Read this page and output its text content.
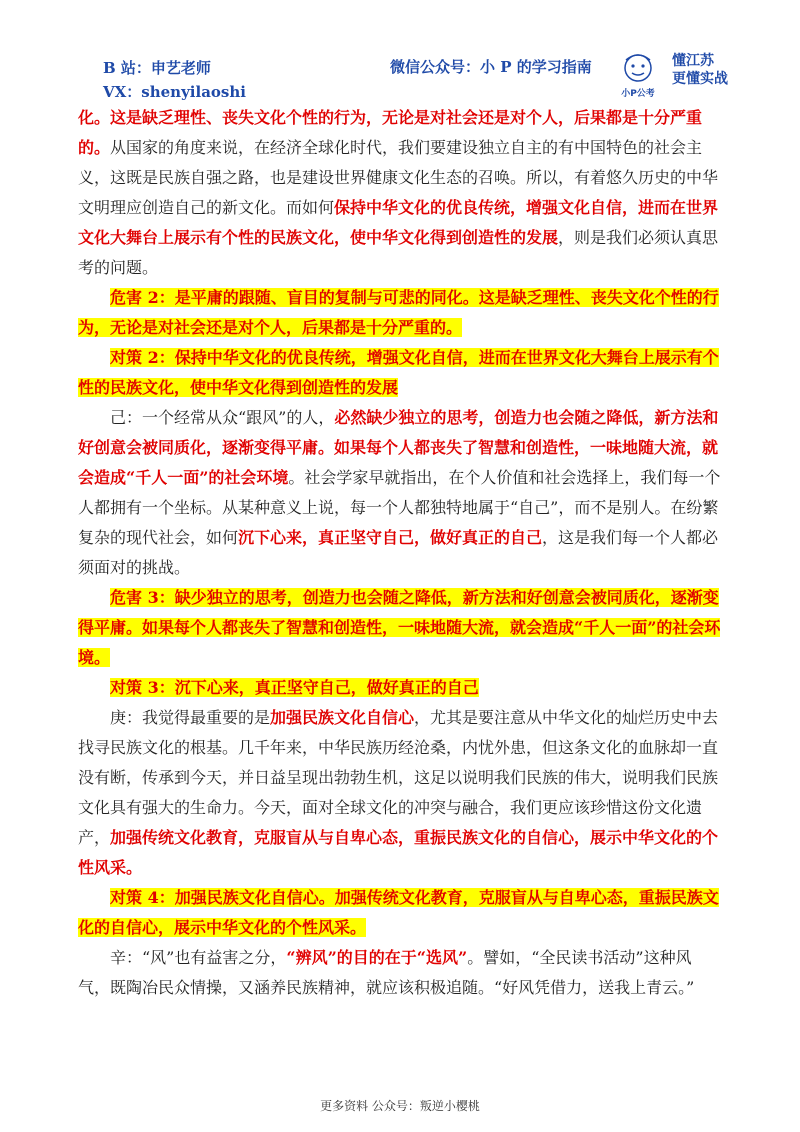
B 站：申艺老师
VX：shenyilaoshi
微信公众号：小 P 的学习指南
小P公考
懂江苏
更懂实战

化。这是缺乏理性、丧失文化个性的行为，无论是对社会还是对个人，后果都是十分严重的。从国家的角度来说，在经济全球化时代，我们要建设独立自主的有中国特色的社会主义，这既是民族自强之路，也是建设世界健康文化生态的召唤。所以，有着悠久历史的中华文明理应创造自己的新文化。而如何保持中华文化的优良传统，增强文化自信，进而在世界文化大舞台上展示有个性的民族文化，使中华文化得到创造性的发展，则是我们必须认真思考的问题。

危害 2：是平庸的跟随、盲目的复制与可悲的同化。这是缺乏理性、丧失文化个性的行为，无论是对社会还是对个人，后果都是十分严重的。

对策 2：保持中华文化的优良传统，增强文化自信，进而在世界文化大舞台上展示有个性的民族文化，使中华文化得到创造性的发展

己：一个经常从众“跟风”的人，必然缺少独立的思考，创造力也会随之降低，新方法和好创意会被同质化，逐渐变得平庸。如果每个人都丧失了智慧和创造性，一味地随大流，就会造成“千人一面”的社会环境。社会学家早就指出，在个人价值和社会选择上，我们每一个人都拥有一个坐标。从某种意义上说，每一个人都独特地属于“自己”，而不是别人。在纷繁复杂的现代社会，如何沉下心来，真正坚守自己，做好真正的自己，这是我们每一个人都必须面对的挑战。

危害 3：缺少独立的思考，创造力也会随之降低，新方法和好创意会被同质化，逐渐变得平庸。如果每个人都丧失了智慧和创造性，一味地随大流，就会造成“千人一面”的社会环境。

对策 3：沉下心来，真正坚守自己，做好真正的自己

庚：我觉得最重要的是加强民族文化自信心，尤其是要注意从中华文化的灿烂历史中去找寻民族文化的根基。几千年来，中华民族历经沧桑，内忧外患，但这条文化的血脉却一直没有断，传承到今天，并日益呈现出勃勃生机，这足以说明我们民族的伟大，说明我们民族文化具有强大的生命力。今天，面对全球文化的冲突与融合，我们更应该珍惜这份文化遗产，加强传统文化教育，克服盲从与自卑心态，重振民族文化的自信心，展示中华文化的个性风采。

对策 4：加强民族文化自信心。加强传统文化教育，克服盲从与自卑心态，重振民族文化的自信心，展示中华文化的个性风采。

辛：“风”也有益害之分，“辨风”的目的在于“选风”。譬如，“全民读书活动”这种风气，既陶冶民众情操，又涵养民族精神，就应该积极追随。“好风凭借力，送我上青云。”

更多资料 公众号：叛逆小樱桃
